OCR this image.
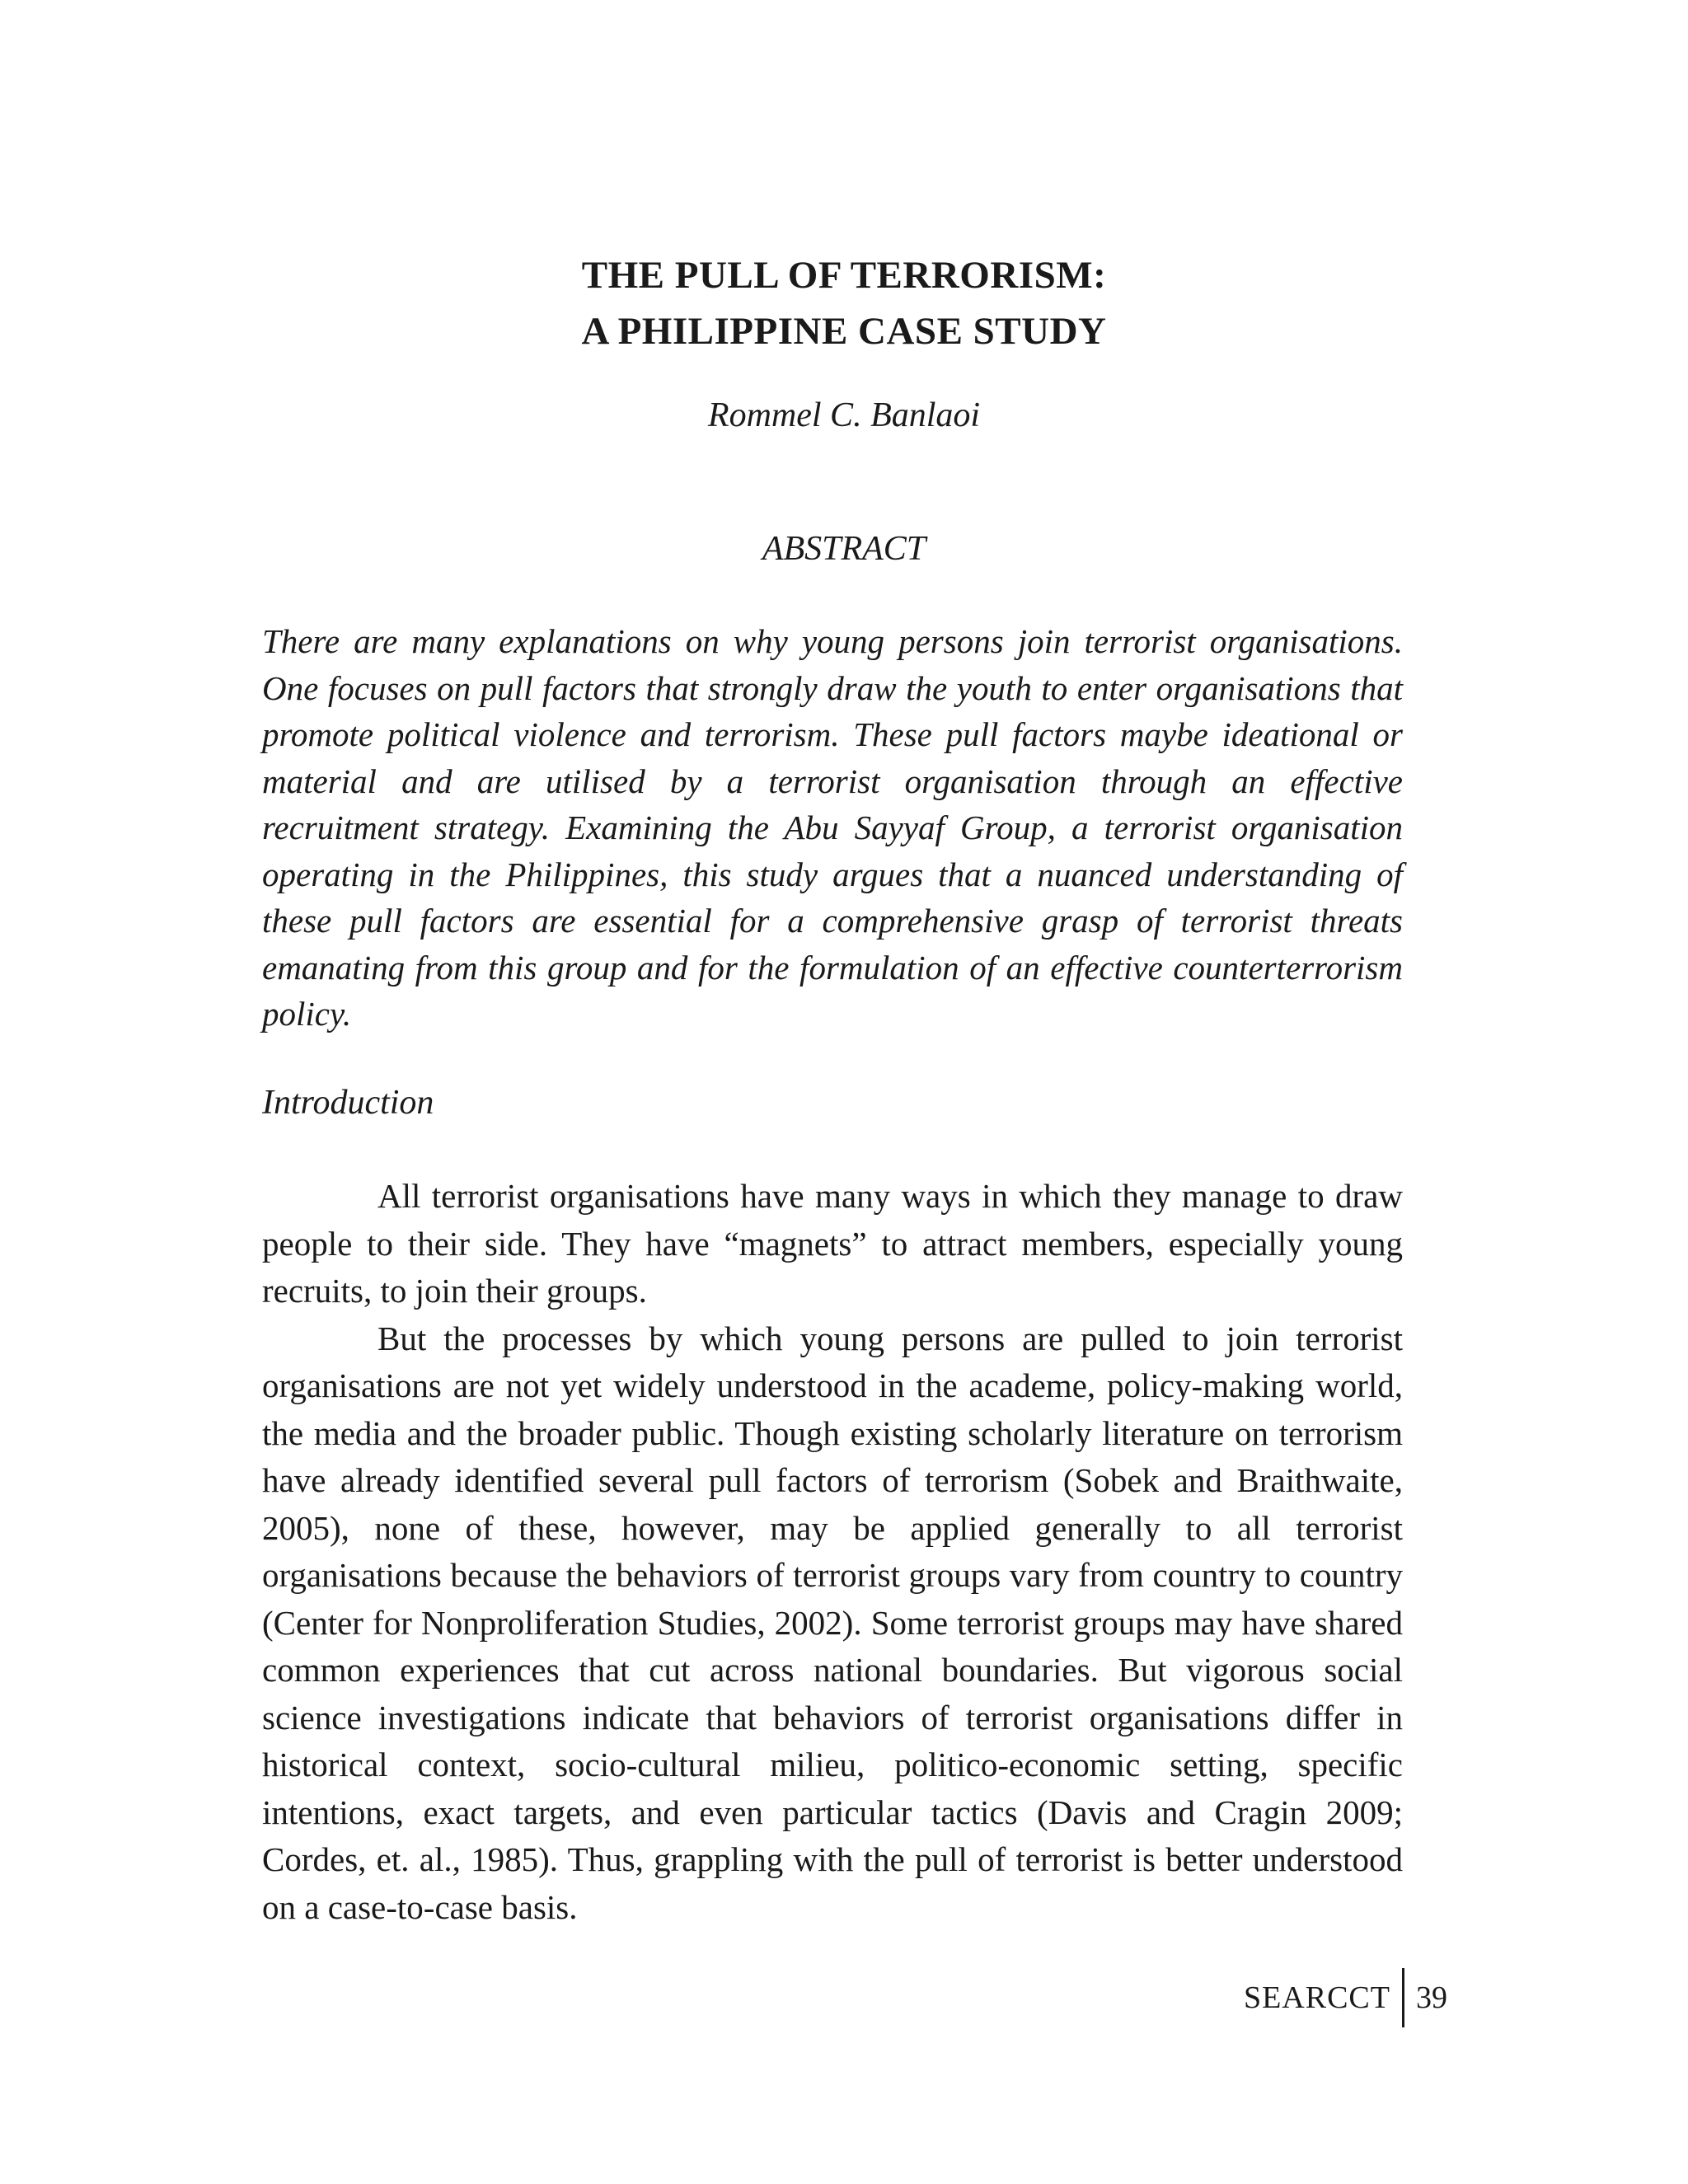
THE PULL OF TERRORISM:
A PHILIPPINE CASE STUDY
Rommel C. Banlaoi
ABSTRACT
There are many explanations on why young persons join terrorist organisations. One focuses on pull factors that strongly draw the youth to enter organisations that promote political violence and terrorism. These pull factors maybe ideational or material and are utilised by a terrorist organisation through an effective recruitment strategy. Examining the Abu Sayyaf Group, a terrorist organisation operating in the Philippines, this study argues that a nuanced understanding of these pull factors are essential for a comprehensive grasp of terrorist threats emanating from this group and for the formulation of an effective counterterrorism policy.
Introduction

All terrorist organisations have many ways in which they manage to draw people to their side. They have “magnets” to attract members, especially young recruits, to join their groups.

But the processes by which young persons are pulled to join terrorist organisations are not yet widely understood in the academe, policy-making world, the media and the broader public. Though existing scholarly literature on terrorism have already identified several pull factors of terrorism (Sobek and Braithwaite, 2005), none of these, however, may be applied generally to all terrorist organisations because the behaviors of terrorist groups vary from country to country (Center for Nonproliferation Studies, 2002). Some terrorist groups may have shared common experiences that cut across national boundaries. But vigorous social science investigations indicate that behaviors of terrorist organisations differ in historical context, socio-cultural milieu, politico-economic setting, specific intentions, exact targets, and even particular tactics (Davis and Cragin 2009; Cordes, et. al., 1985). Thus, grappling with the pull of terrorist is better understood on a case-to-case basis.

SEARCCT 39
